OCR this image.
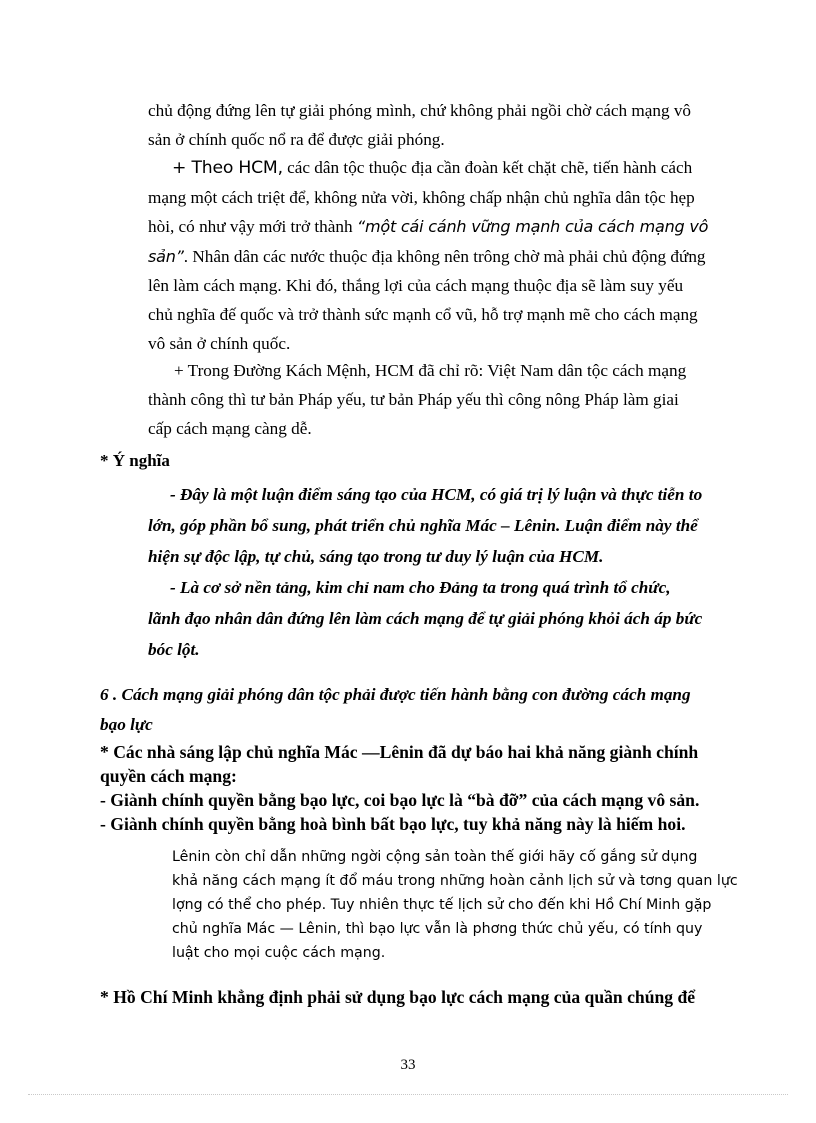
chủ động đứng lên tự giải phóng mình, chứ không phải ngồi chờ cách mạng vô
sản ở chính quốc nổ ra để được giải phóng.
+ Theo HCM, các dân tộc thuộc địa cần đoàn kết chặt chẽ, tiến hành cách
mạng một cách triệt để, không nửa vời, không chấp nhận chủ nghĩa dân tộc hẹp
hòi, có như vậy mới trở thành “một cái cánh vững mạnh của cách mạng vô
sản”. Nhân dân các nước thuộc địa không nên trông chờ mà phải chủ động đứng
lên làm cách mạng. Khi đó, thắng lợi của cách mạng thuộc địa sẽ làm suy yếu
chủ nghĩa đế quốc và trở thành sức mạnh cổ vũ, hỗ trợ mạnh mẽ cho cách mạng
vô sản ở chính quốc.
+ Trong Đường Kách Mệnh, HCM đã chỉ rõ: Việt Nam dân tộc cách mạng
thành công thì tư bản Pháp yếu, tư bản Pháp yếu thì công nông Pháp làm giai
cấp cách mạng càng dễ.
* Ý nghĩa
- Đây là một luận điểm sáng tạo của HCM, có giá trị lý luận và thực tiễn to
lớn, góp phần bổ sung, phát triển chủ nghĩa Mác – Lênin. Luận điểm này thể
hiện sự độc lập, tự chủ, sáng tạo trong tư duy lý luận của HCM.
- Là cơ sở nền tảng, kim chỉ nam cho Đảng ta trong quá trình tổ chức,
lãnh đạo nhân dân đứng lên làm cách mạng để tự giải phóng khỏi ách áp bức
bóc lột.
6 . Cách mạng giải phóng dân tộc phải được tiến hành bằng con đường cách mạng
bạo lực
* Các nhà sáng lập chủ nghĩa Mác —Lênin đã dự báo hai khả năng giành chính
quyền cách mạng:
- Giành chính quyền bằng bạo lực, coi bạo lực là “bà đỡ” của cách mạng vô sản.
- Giành chính quyền bằng hoà bình bất bạo lực, tuy khả năng này là hiếm hoi.
Lênin còn chỉ dẫn những ngời cộng sản toàn thế giới hãy cố gắng sử dụng
khả năng cách mạng ít đổ máu trong những hoàn cảnh lịch sử và tơng quan lực
lợng có thể cho phép. Tuy nhiên thực tế lịch sử cho đến khi Hồ Chí Minh gặp
chủ nghĩa Mác — Lênin, thì bạo lực vẫn là phơng thức chủ yếu, có tính quy
luật cho mọi cuộc cách mạng.
* Hồ Chí Minh khẳng định phải sử dụng bạo lực cách mạng của quần chúng để
33
